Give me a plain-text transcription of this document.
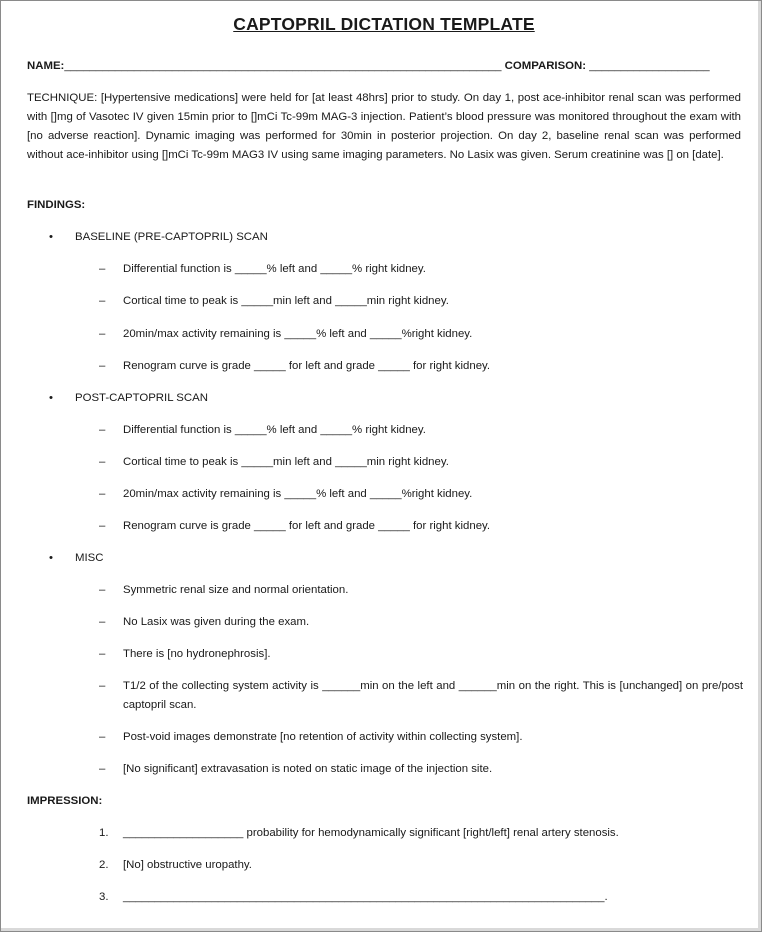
CAPTOPRIL DICTATION TEMPLATE
NAME:_____________________________________________________________________ COMPARISON: ___________________
TECHNIQUE: [Hypertensive medications] were held for [at least 48hrs] prior to study. On day 1, post ace-inhibitor renal scan was performed with []mg of Vasotec IV given 15min prior to []mCi Tc-99m MAG-3 injection. Patient’s blood pressure was monitored throughout the exam with [no adverse reaction]. Dynamic imaging was performed for 30min in posterior projection. On day 2, baseline renal scan was performed without ace-inhibitor using []mCi Tc-99m MAG3 IV using same imaging parameters. No Lasix was given. Serum creatinine was [] on [date].
FINDINGS:
• BASELINE (PRE-CAPTOPRIL) SCAN
– Differential function is _____% left and _____% right kidney.
– Cortical time to peak is _____min left and _____min right kidney.
– 20min/max activity remaining is _____% left and _____%right kidney.
– Renogram curve is grade _____ for left and grade _____ for right kidney.
• POST-CAPTOPRIL SCAN
– Differential function is _____% left and _____% right kidney.
– Cortical time to peak is _____min left and _____min right kidney.
– 20min/max activity remaining is _____% left and _____%right kidney.
– Renogram curve is grade _____ for left and grade _____ for right kidney.
• MISC
– Symmetric renal size and normal orientation.
– No Lasix was given during the exam.
– There is [no hydronephrosis].
– T1/2 of the collecting system activity is ______min on the left and ______min on the right. This is [unchanged] on pre/post captopril scan.
– Post-void images demonstrate [no retention of activity within collecting system].
– [No significant] extravasation is noted on static image of the injection site.
IMPRESSION:
1. ___________________ probability for hemodynamically significant [right/left] renal artery stenosis.
2. [No] obstructive uropathy.
3. ____________________________________________________________________________.
